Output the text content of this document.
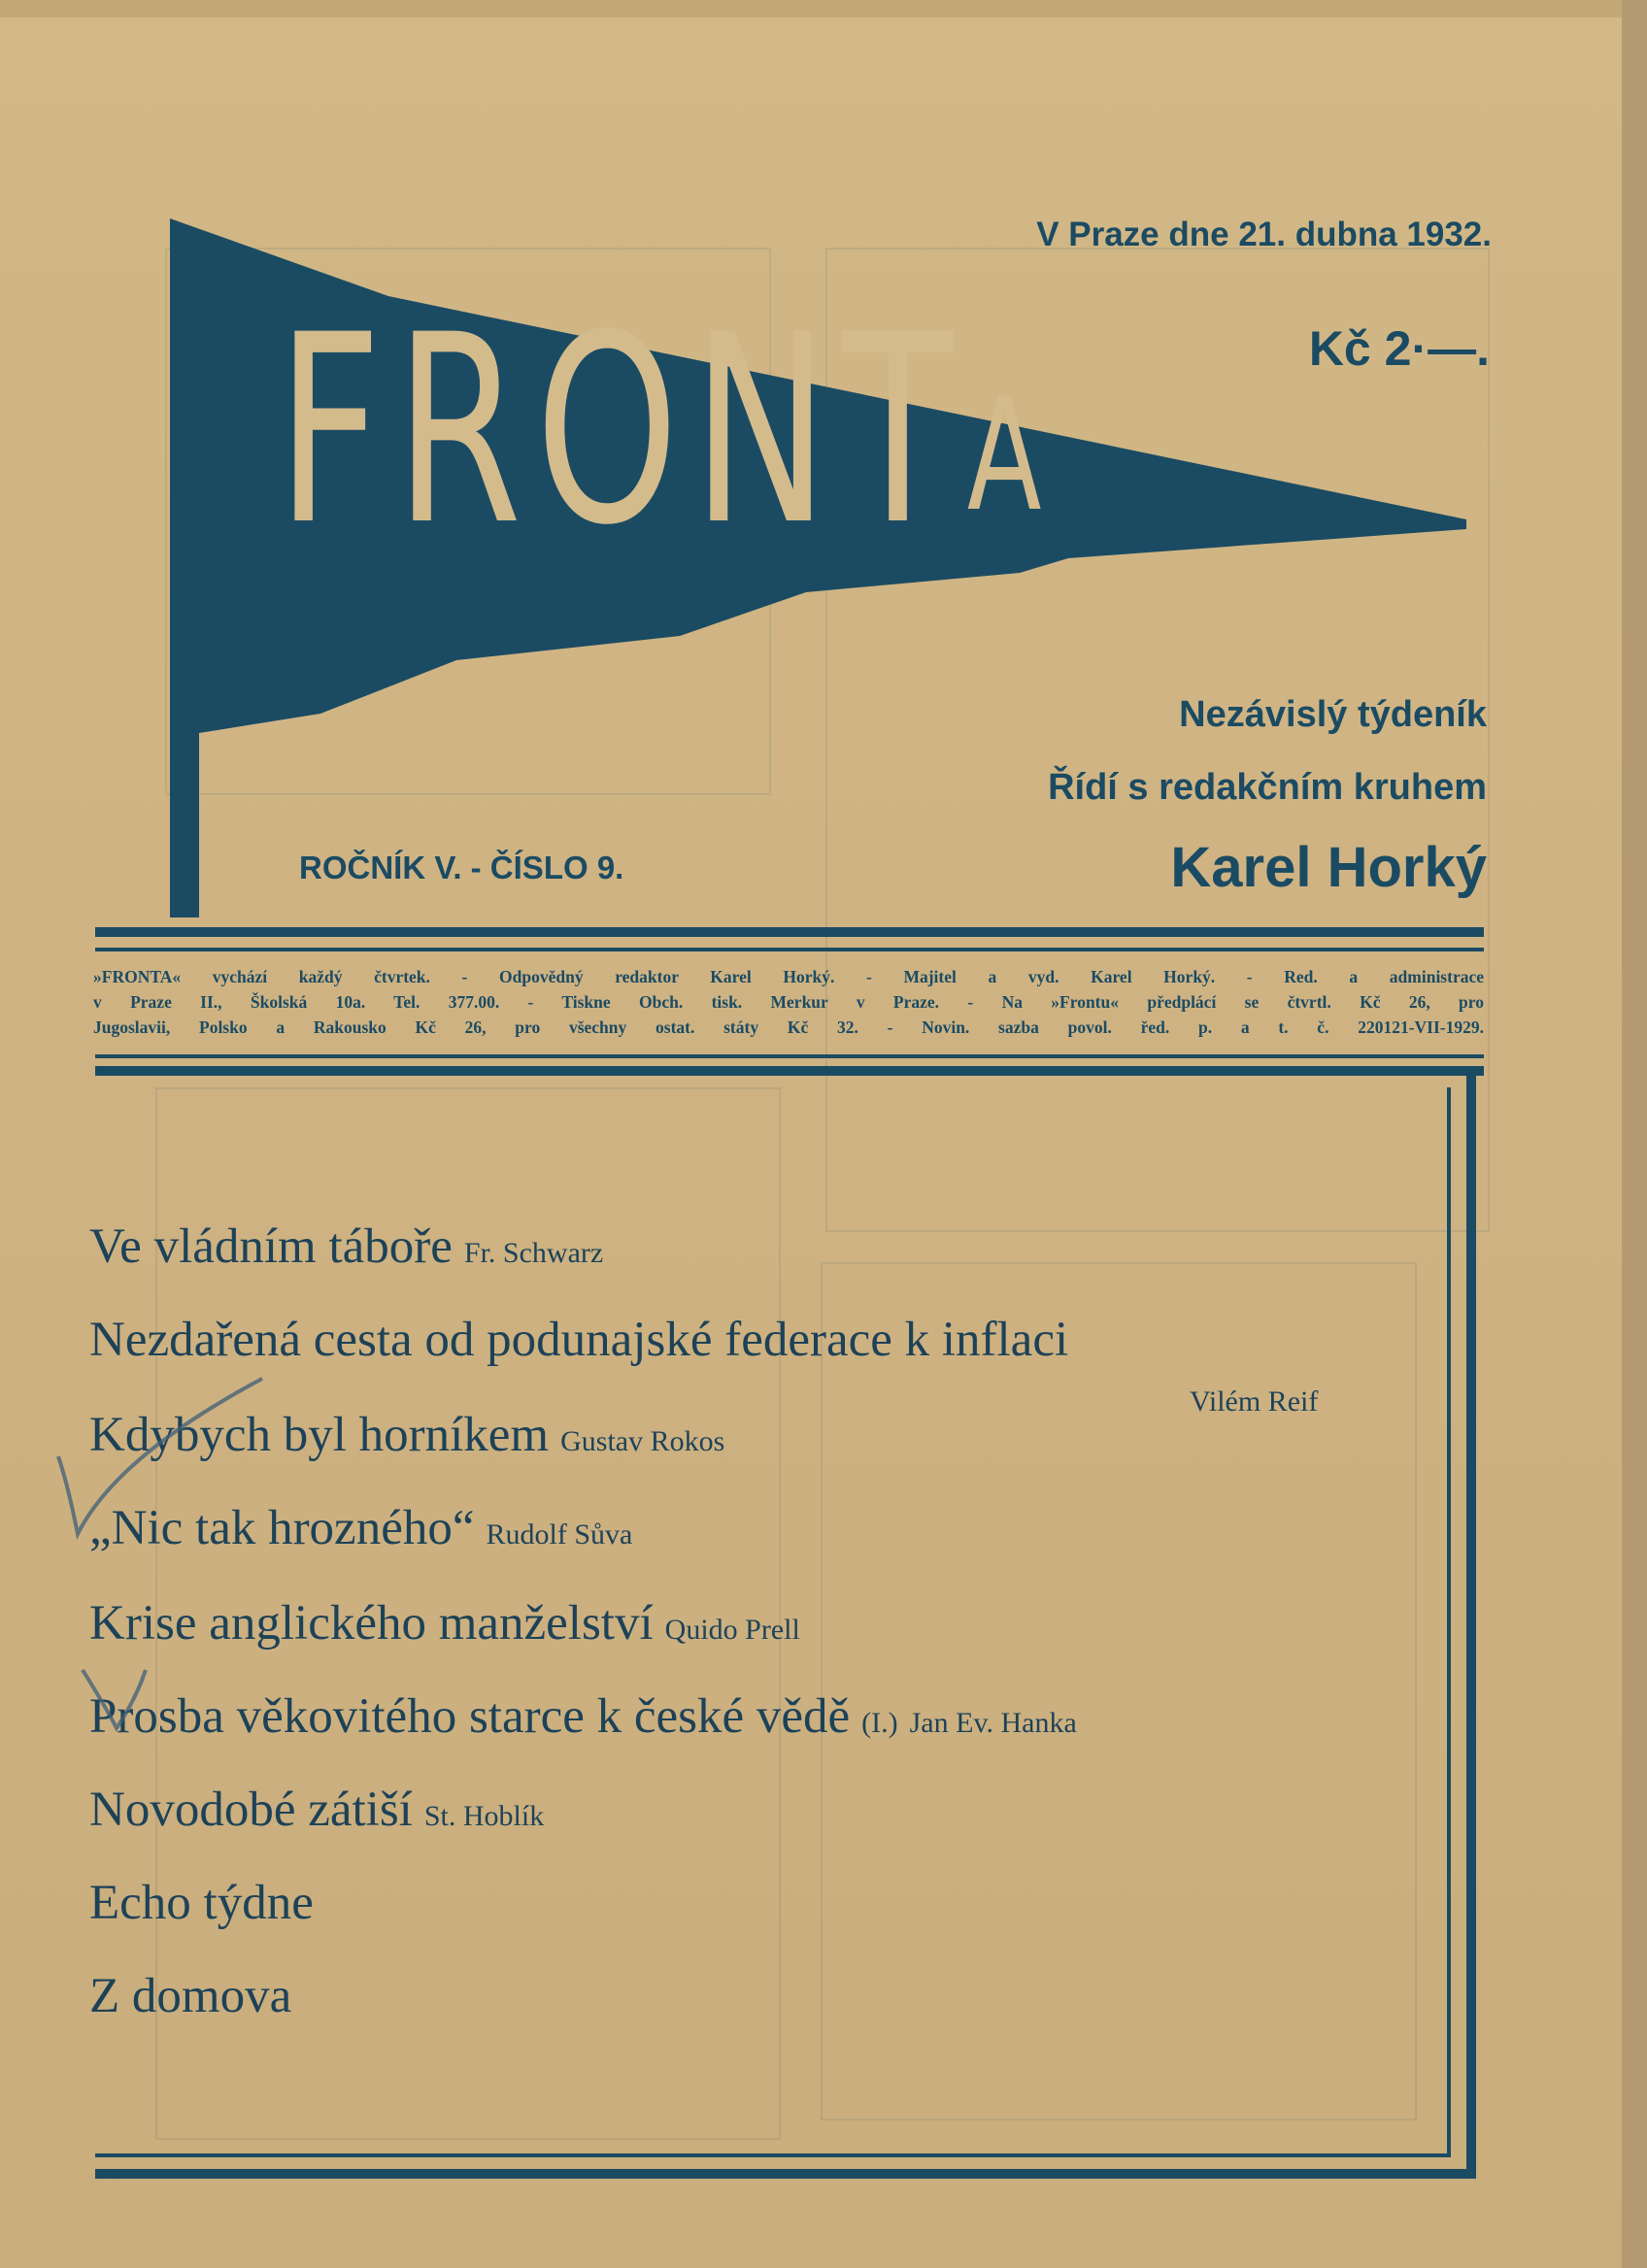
FRONTA
V Praze dne 21. dubna 1932.
Kč 2·—.
Nezávislý týdeník
Řídí s redakčním kruhem
Karel Horký
ROČNÍK V. - ČÍSLO 9.
»FRONTA« vychází každý čtvrtek. - Odpovědný redaktor Karel Horký. - Majitel a vyd. Karel Horký. - Red. a administrace
v Praze II., Školská 10a. Tel. 377.00. - Tiskne Obch. tisk. Merkur v Praze. - Na »Frontu« předplácí se čtvrtl. Kč 26, pro
Jugoslavii, Polsko a Rakousko Kč 26, pro všechny ostat. státy Kč 32. - Novin. sazba povol. řed. p. a t. č. 220121-VII-1929.
Ve vládním táboře Fr. Schwarz
Nezdařená cesta od podunajské federace k inflaci
Vilém Reif
Kdybych byl horníkem Gustav Rokos
„Nic tak hrozného“ Rudolf Sůva
Krise anglického manželství Quido Prell
Prosba věkovitého starce k české vědě (I.) Jan Ev. Hanka
Novodobé zátiší St. Hoblík
Echo týdne
Z domova
